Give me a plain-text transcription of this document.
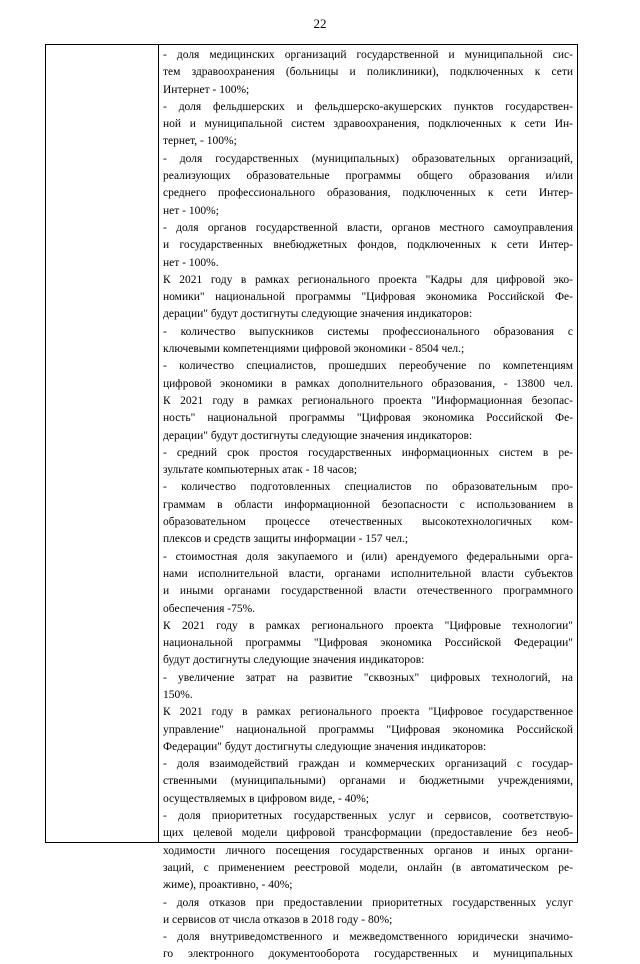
22
- доля медицинских организаций государственной и муниципальной сис-
тем здравоохранения (больницы и поликлиники), подключенных к сети
Интернет - 100%;
- доля фельдшерских и фельдшерско-акушерских пунктов государствен-
ной и муниципальной систем здравоохранения, подключенных к сети Ин-
тернет, - 100%;
- доля государственных (муниципальных) образовательных организаций,
реализующих образовательные программы общего образования и/или
среднего профессионального образования, подключенных к сети Интер-
нет - 100%;
- доля органов государственной власти, органов местного самоуправления
и государственных внебюджетных фондов, подключенных к сети Интер-
нет - 100%.
К 2021 году в рамках регионального проекта "Кадры для цифровой эко-
номики" национальной программы "Цифровая экономика Российской Фе-
дерации" будут достигнуты следующие значения индикаторов:
- количество выпускников системы профессионального образования с
ключевыми компетенциями цифровой экономики - 8504 чел.;
- количество специалистов, прошедших переобучение по компетенциям
цифровой экономики в рамках дополнительного образования, - 13800 чел.
К 2021 году в рамках регионального проекта "Информационная безопас-
ность" национальной программы "Цифровая экономика Российской Фе-
дерации" будут достигнуты следующие значения индикаторов:
- средний срок простоя государственных информационных систем в ре-
зультате компьютерных атак - 18 часов;
- количество подготовленных специалистов по образовательным про-
граммам в области информационной безопасности с использованием в
образовательном процессе отечественных высокотехнологичных ком-
плексов и средств защиты информации - 157 чел.;
- стоимостная доля закупаемого и (или) арендуемого федеральными орга-
нами исполнительной власти, органами исполнительной власти субъектов
и иными органами государственной власти отечественного программного
обеспечения -75%.
К 2021 году в рамках регионального проекта "Цифровые технологии"
национальной программы "Цифровая экономика Российской Федерации"
будут достигнуты следующие значения индикаторов:
- увеличение затрат на развитие "сквозных" цифровых технологий, на
150%.
К 2021 году в рамках регионального проекта "Цифровое государственное
управление" национальной программы "Цифровая экономика Российской
Федерации" будут достигнуты следующие значения индикаторов:
- доля взаимодействий граждан и коммерческих организаций с государ-
ственными (муниципальными) органами и бюджетными учреждениями,
осуществляемых в цифровом виде, - 40%;
- доля приоритетных государственных услуг и сервисов, соответствую-
щих целевой модели цифровой трансформации (предоставление без необ-
ходимости личного посещения государственных органов и иных органи-
заций, с применением реестровой модели, онлайн (в автоматическом ре-
жиме), проактивно, - 40%;
- доля отказов при предоставлении приоритетных государственных услуг
и сервисов от числа отказов в 2018 году - 80%;
- доля внутриведомственного и межведомственного юридически значимо-
го электронного документооборота государственных и муниципальных
